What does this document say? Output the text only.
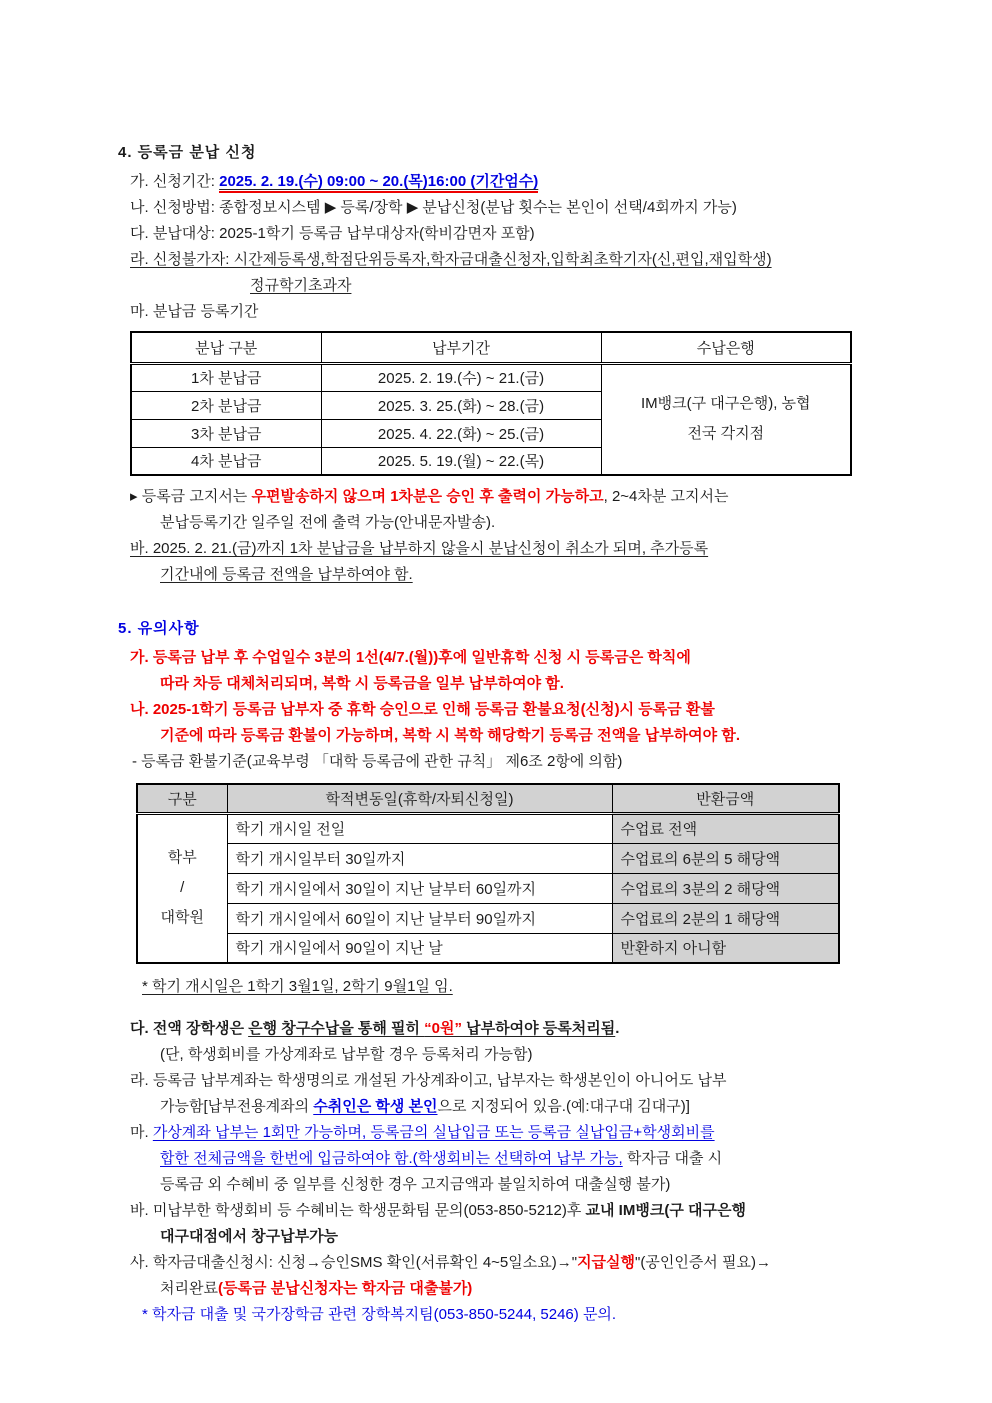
4. 등록금 분납 신청
가. 신청기간: 2025. 2. 19.(수) 09:00 ~ 20.(목)16:00 (기간엄수)
나. 신청방법: 종합정보시스템 ▶ 등록/장학 ▶ 분납신청(분납 횟수는 본인이 선택/4회까지 가능)
다. 분납대상: 2025-1학기 등록금 납부대상자(학비감면자 포함)
라. 신청불가자: 시간제등록생,학점단위등록자,학자금대출신청자,입학최초학기자(신,편입,재입학생)
정규학기초과자
마. 분납금 등록기간
분납 구분	납부기간	수납은행
1차 분납금	2025. 2. 19.(수) ~ 21.(금)	IM뱅크(구 대구은행), 농협
전국 각지점

2차 분납금	2025. 3. 25.(화) ~ 28.(금)	
3차 분납금	2025. 4. 22.(화) ~ 25.(금)	
4차 분납금	2025. 5. 19.(월) ~ 22.(목)	
▸ 등록금 고지서는 우편발송하지 않으며 1차분은 승인 후 출력이 가능하고, 2~4차분 고지서는
분납등록기간 일주일 전에 출력 가능(안내문자발송).
바. 2025. 2. 21.(금)까지 1차 분납금을 납부하지 않을시 분납신청이 취소가 되며, 추가등록
기간내에 등록금 전액을 납부하여야 함.
5. 유의사항
가. 등록금 납부 후 수업일수 3분의 1선(4/7.(월))후에 일반휴학 신청 시 등록금은 학칙에
따라 차등 대체처리되며, 복학 시 등록금을 일부 납부하여야 함.
나. 2025-1학기 등록금 납부자 중 휴학 승인으로 인해 등록금 환불요청(신청)시 등록금 환불
기준에 따라 등록금 환불이 가능하며, 복학 시 복학 해당학기 등록금 전액을 납부하여야 함.
- 등록금 환불기준(교육부령 「대학 등록금에 관한 규칙」 제6조 2항에 의함)
구분	학적변동일(휴학/자퇴신청일)	반환금액

학부
/
대학원	학기 개시일 전일	수업료 전액
	학기 개시일부터 30일까지	수업료의 6분의 5 해당액
	학기 개시일에서 30일이 지난 날부터 60일까지	수업료의 3분의 2 해당액
	학기 개시일에서 60일이 지난 날부터 90일까지	수업료의 2분의 1 해당액
	학기 개시일에서 90일이 지난 날	반환하지 아니함
* 학기 개시일은 1학기 3월1일, 2학기 9월1일 임.
다. 전액 장학생은 은행 창구수납을 통해 필히 “0원” 납부하여야 등록처리됨.
(단, 학생회비를 가상계좌로 납부할 경우 등록처리 가능함)
라. 등록금 납부계좌는 학생명의로 개설된 가상계좌이고, 납부자는 학생본인이 아니어도 납부
가능함[납부전용계좌의 수취인은 학생 본인으로 지정되어 있음.(예:대구대 김대구)]
마. 가상계좌 납부는 1회만 가능하며, 등록금의 실납입금 또는 등록금 실납입금+학생회비를
합한 전체금액을 한번에 입금하여야 함.(학생회비는 선택하여 납부 가능, 학자금 대출 시
등록금 외 수혜비 중 일부를 신청한 경우 고지금액과 불일치하여 대출실행 불가)
바. 미납부한 학생회비 등 수혜비는 학생문화팀 문의(053-850-5212)후 교내 IM뱅크(구 대구은행
대구대점에서 창구납부가능
사. 학자금대출신청시: 신청→승인SMS 확인(서류확인 4~5일소요)→"지급실행"(공인인증서 필요)→
처리완료(등록금 분납신청자는 학자금 대출불가)
* 학자금 대출 및 국가장학금 관련 장학복지팀(053-850-5244, 5246) 문의.
